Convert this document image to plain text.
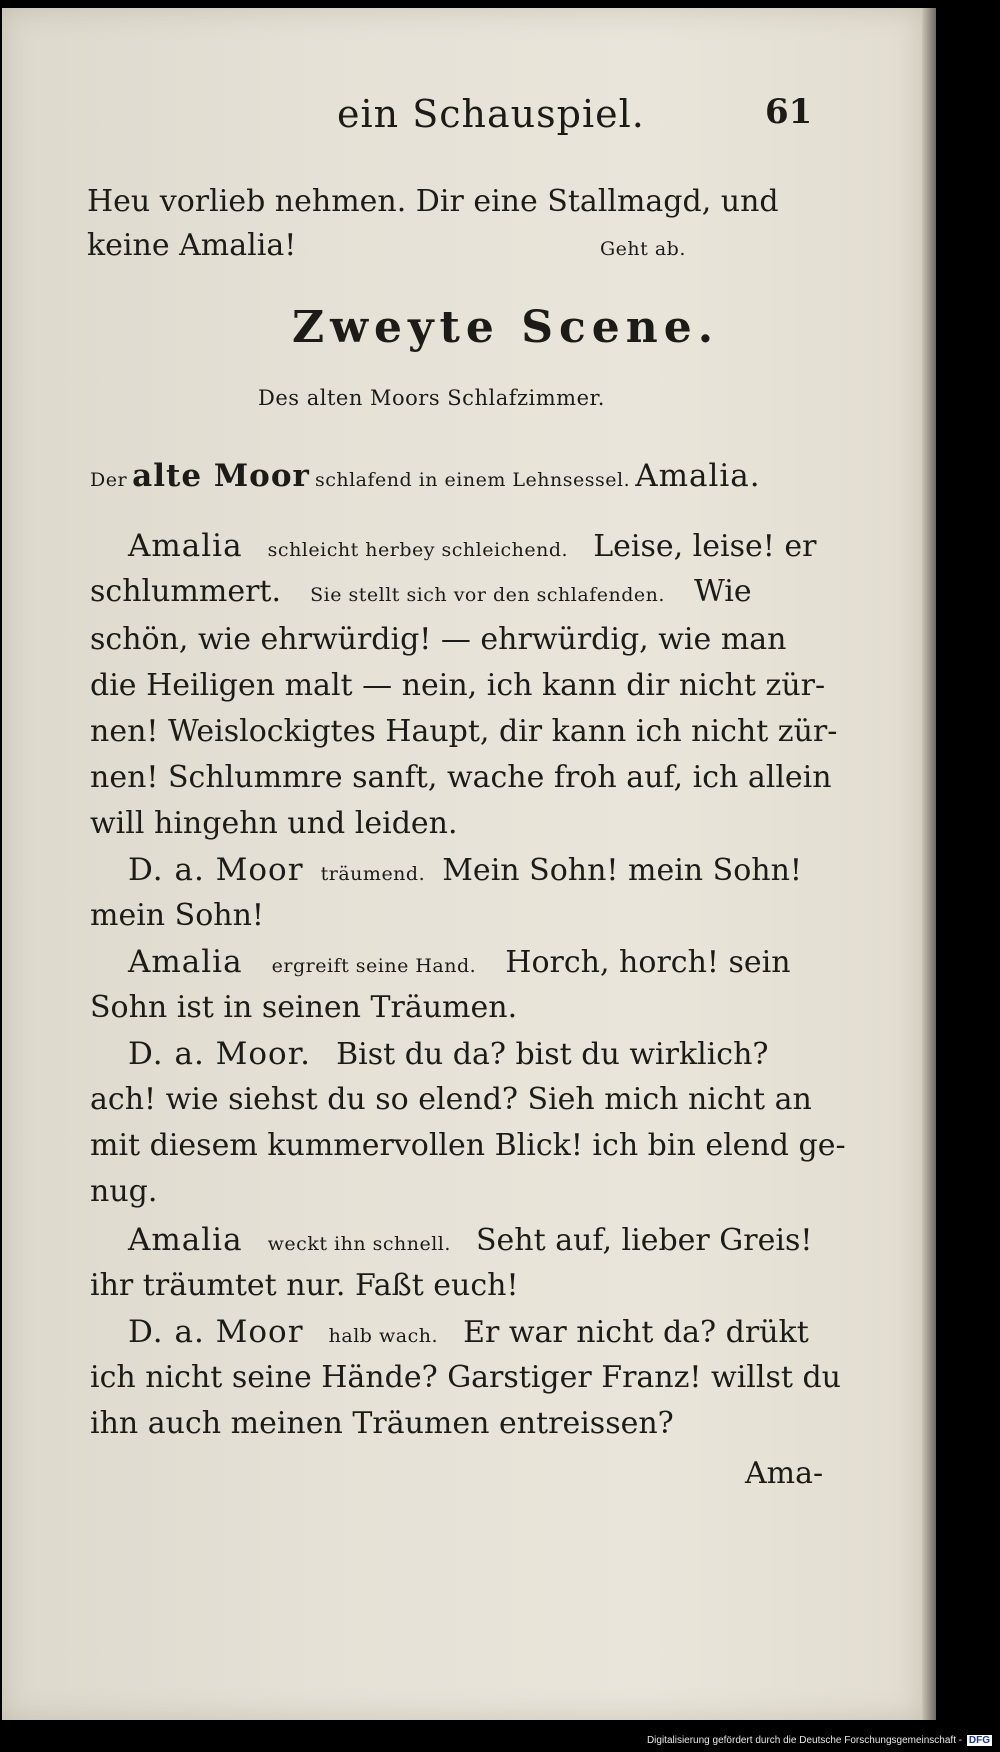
ein Schauspiel.	61
Heu vorlieb nehmen. Dir eine Stallmagd, und
keine Amalia!	Geht ab.
Zweyte Scene.
Des alten Moors Schlafzimmer.
Der alte Moor schlafend in einem Lehnsessel. Amalia.
Amalia schleicht herbey schleichend. Leise, leise! er
schlummert. Sie stellt sich vor den schlafenden. Wie
schön, wie ehrwürdig! — ehrwürdig, wie man
die Heiligen malt — nein, ich kann dir nicht zür-
nen! Weislockigtes Haupt, dir kann ich nicht zür-
nen! Schlummre sanft, wache froh auf, ich allein
will hingehn und leiden.
D. a. Moor träumend. Mein Sohn! mein Sohn!
mein Sohn!
Amalia ergreift seine Hand. Horch, horch! sein
Sohn ist in seinen Träumen.
D. a. Moor. Bist du da? bist du wirklich?
ach! wie siehst du so elend? Sieh mich nicht an
mit diesem kummervollen Blick! ich bin elend ge-
nug.
Amalia weckt ihn schnell. Seht auf, lieber Greis!
ihr träumtet nur. Faßt euch!
D. a. Moor halb wach. Er war nicht da? drükt
ich nicht seine Hände? Garstiger Franz! willst du
ihn auch meinen Träumen entreissen?
Ama-
Digitalisierung gefördert durch die Deutsche Forschungsgemeinschaft - DFG
